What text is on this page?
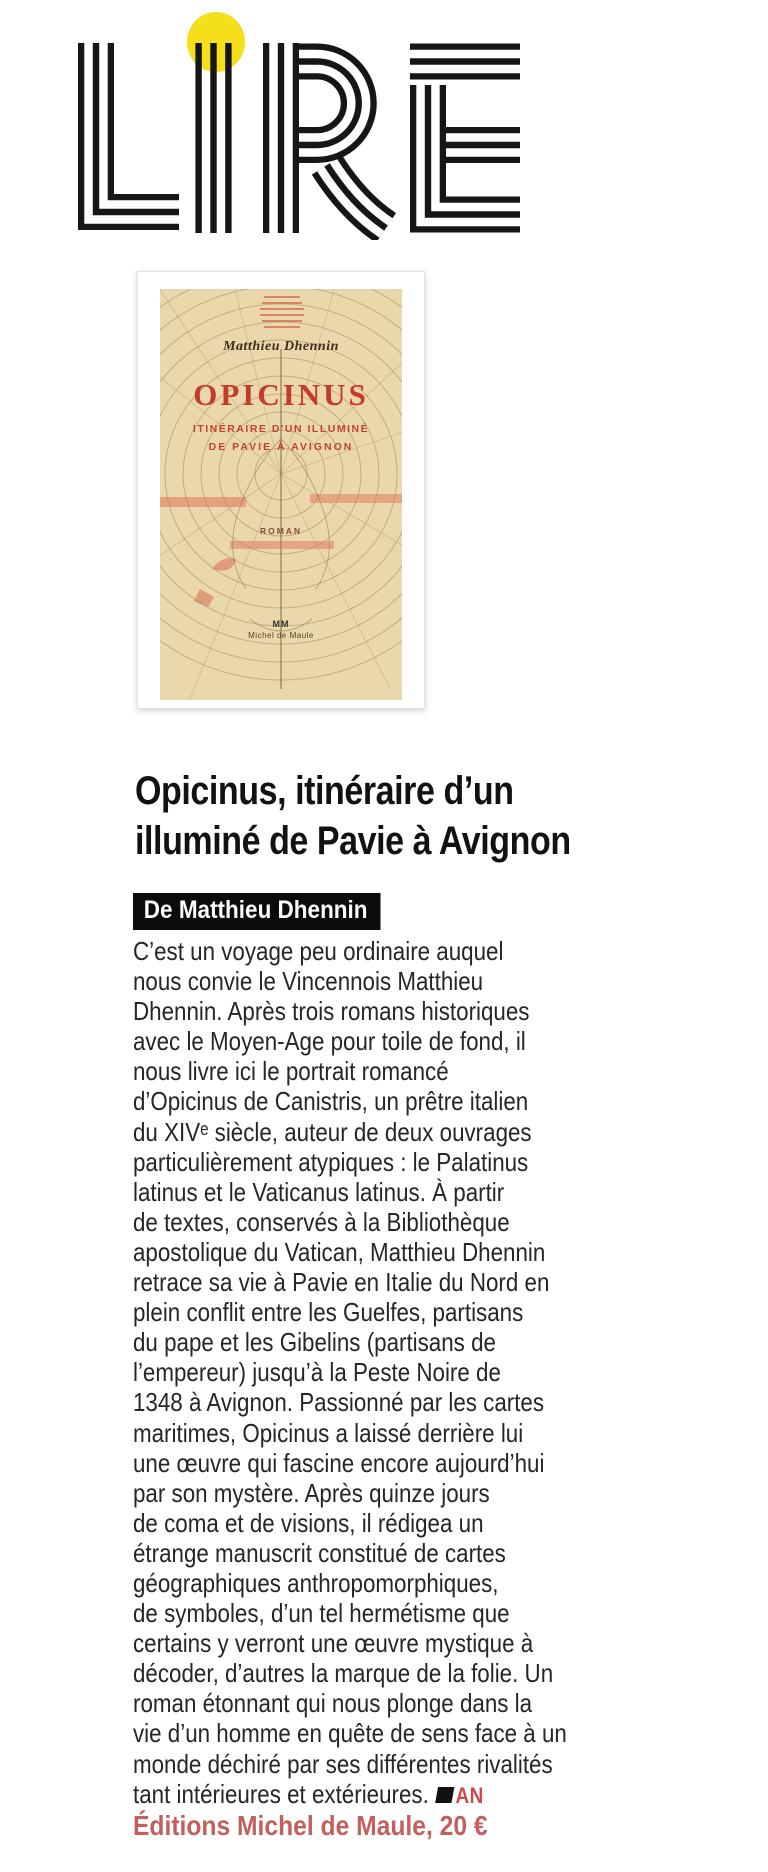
Matthieu Dhennin
OPICINUS
ITINÉRAIRE D'UN ILLUMINÉ
DE PAVIE À AVIGNON
ROMAN
MM
Michel de Maule
Opicinus, itinéraire d’un
illuminé de Pavie à Avignon
De Matthieu Dhennin
C’est un voyage peu ordinaire auquel
nous convie le Vincennois Matthieu
Dhennin. Après trois romans historiques
avec le Moyen-Age pour toile de fond, il
nous livre ici le portrait romancé
d’Opicinus de Canistris, un prêtre italien
du XIVᵉ siècle, auteur de deux ouvrages
particulièrement atypiques : le Palatinus
latinus et le Vaticanus latinus. À partir
de textes, conservés à la Bibliothèque
apostolique du Vatican, Matthieu Dhennin
retrace sa vie à Pavie en Italie du Nord en
plein conflit entre les Guelfes, partisans
du pape et les Gibelins (partisans de
l’empereur) jusqu’à la Peste Noire de
1348 à Avignon. Passionné par les cartes
maritimes, Opicinus a laissé derrière lui
une œuvre qui fascine encore aujourd’hui
par son mystère. Après quinze jours
de coma et de visions, il rédigea un
étrange manuscrit constitué de cartes
géographiques anthropomorphiques,
de symboles, d’un tel hermétisme que
certains y verront une œuvre mystique à
décoder, d’autres la marque de la folie. Un
roman étonnant qui nous plonge dans la
vie d’un homme en quête de sens face à un
monde déchiré par ses différentes rivalités
tant intérieures et extérieures. AN
Éditions Michel de Maule, 20 €
